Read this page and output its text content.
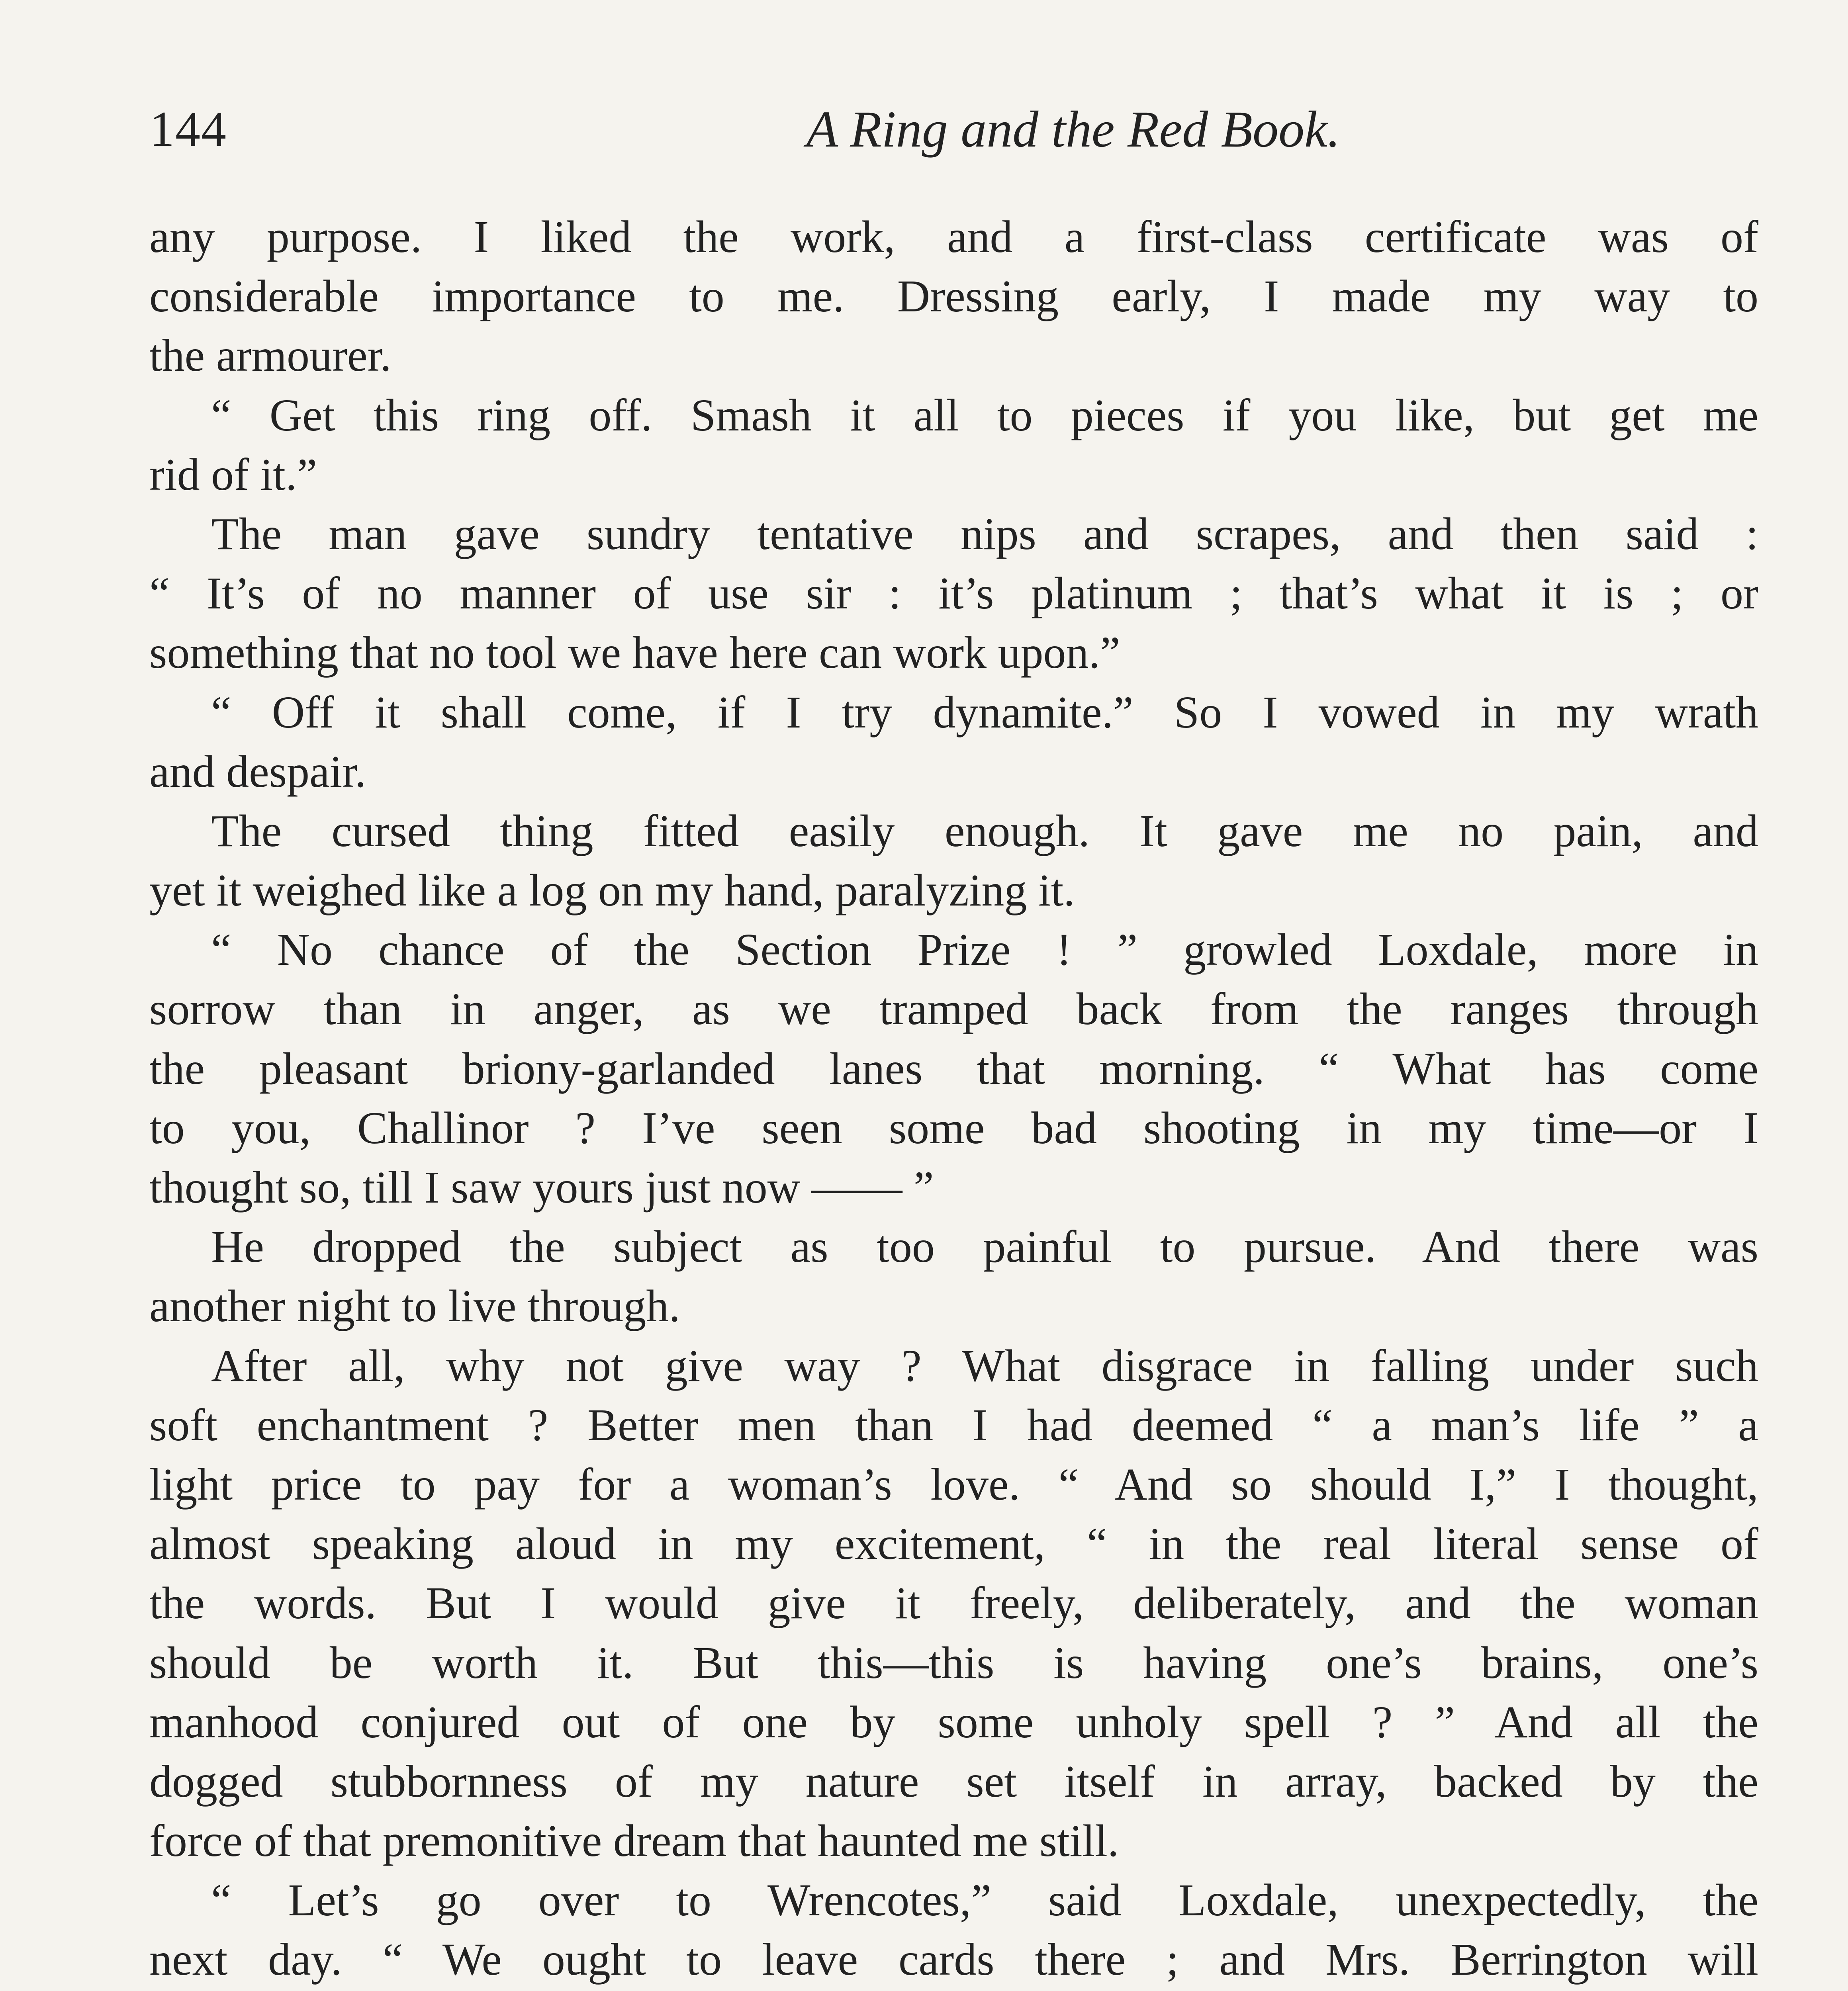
144	A Ring and the Red Book.
any purpose. I liked the work, and a first-class certificate was of
considerable importance to me. Dressing early, I made my way to
the armourer.
“ Get this ring off. Smash it all to pieces if you like, but get me
rid of it.”
The man gave sundry tentative nips and scrapes, and then said :
“ It’s of no manner of use sir : it’s platinum ; that’s what it is ; or
something that no tool we have here can work upon.”
“ Off it shall come, if I try dynamite.” So I vowed in my wrath
and despair.
The cursed thing fitted easily enough. It gave me no pain, and
yet it weighed like a log on my hand, paralyzing it.
“ No chance of the Section Prize ! ” growled Loxdale, more in
sorrow than in anger, as we tramped back from the ranges through
the pleasant briony-garlanded lanes that morning. “ What has come
to you, Challinor ? I’ve seen some bad shooting in my time—or I
thought so, till I saw yours just now —— ”
He dropped the subject as too painful to pursue. And there was
another night to live through.
After all, why not give way ? What disgrace in falling under such
soft enchantment ? Better men than I had deemed “ a man’s life ” a
light price to pay for a woman’s love. “ And so should I,” I thought,
almost speaking aloud in my excitement, “ in the real literal sense of
the words. But I would give it freely, deliberately, and the woman
should be worth it. But this—this is having one’s brains, one’s
manhood conjured out of one by some unholy spell ? ” And all the
dogged stubbornness of my nature set itself in array, backed by the
force of that premonitive dream that haunted me still.
“ Let’s go over to Wrencotes,” said Loxdale, unexpectedly, the
next day. “ We ought to leave cards there ; and Mrs. Berrington will
